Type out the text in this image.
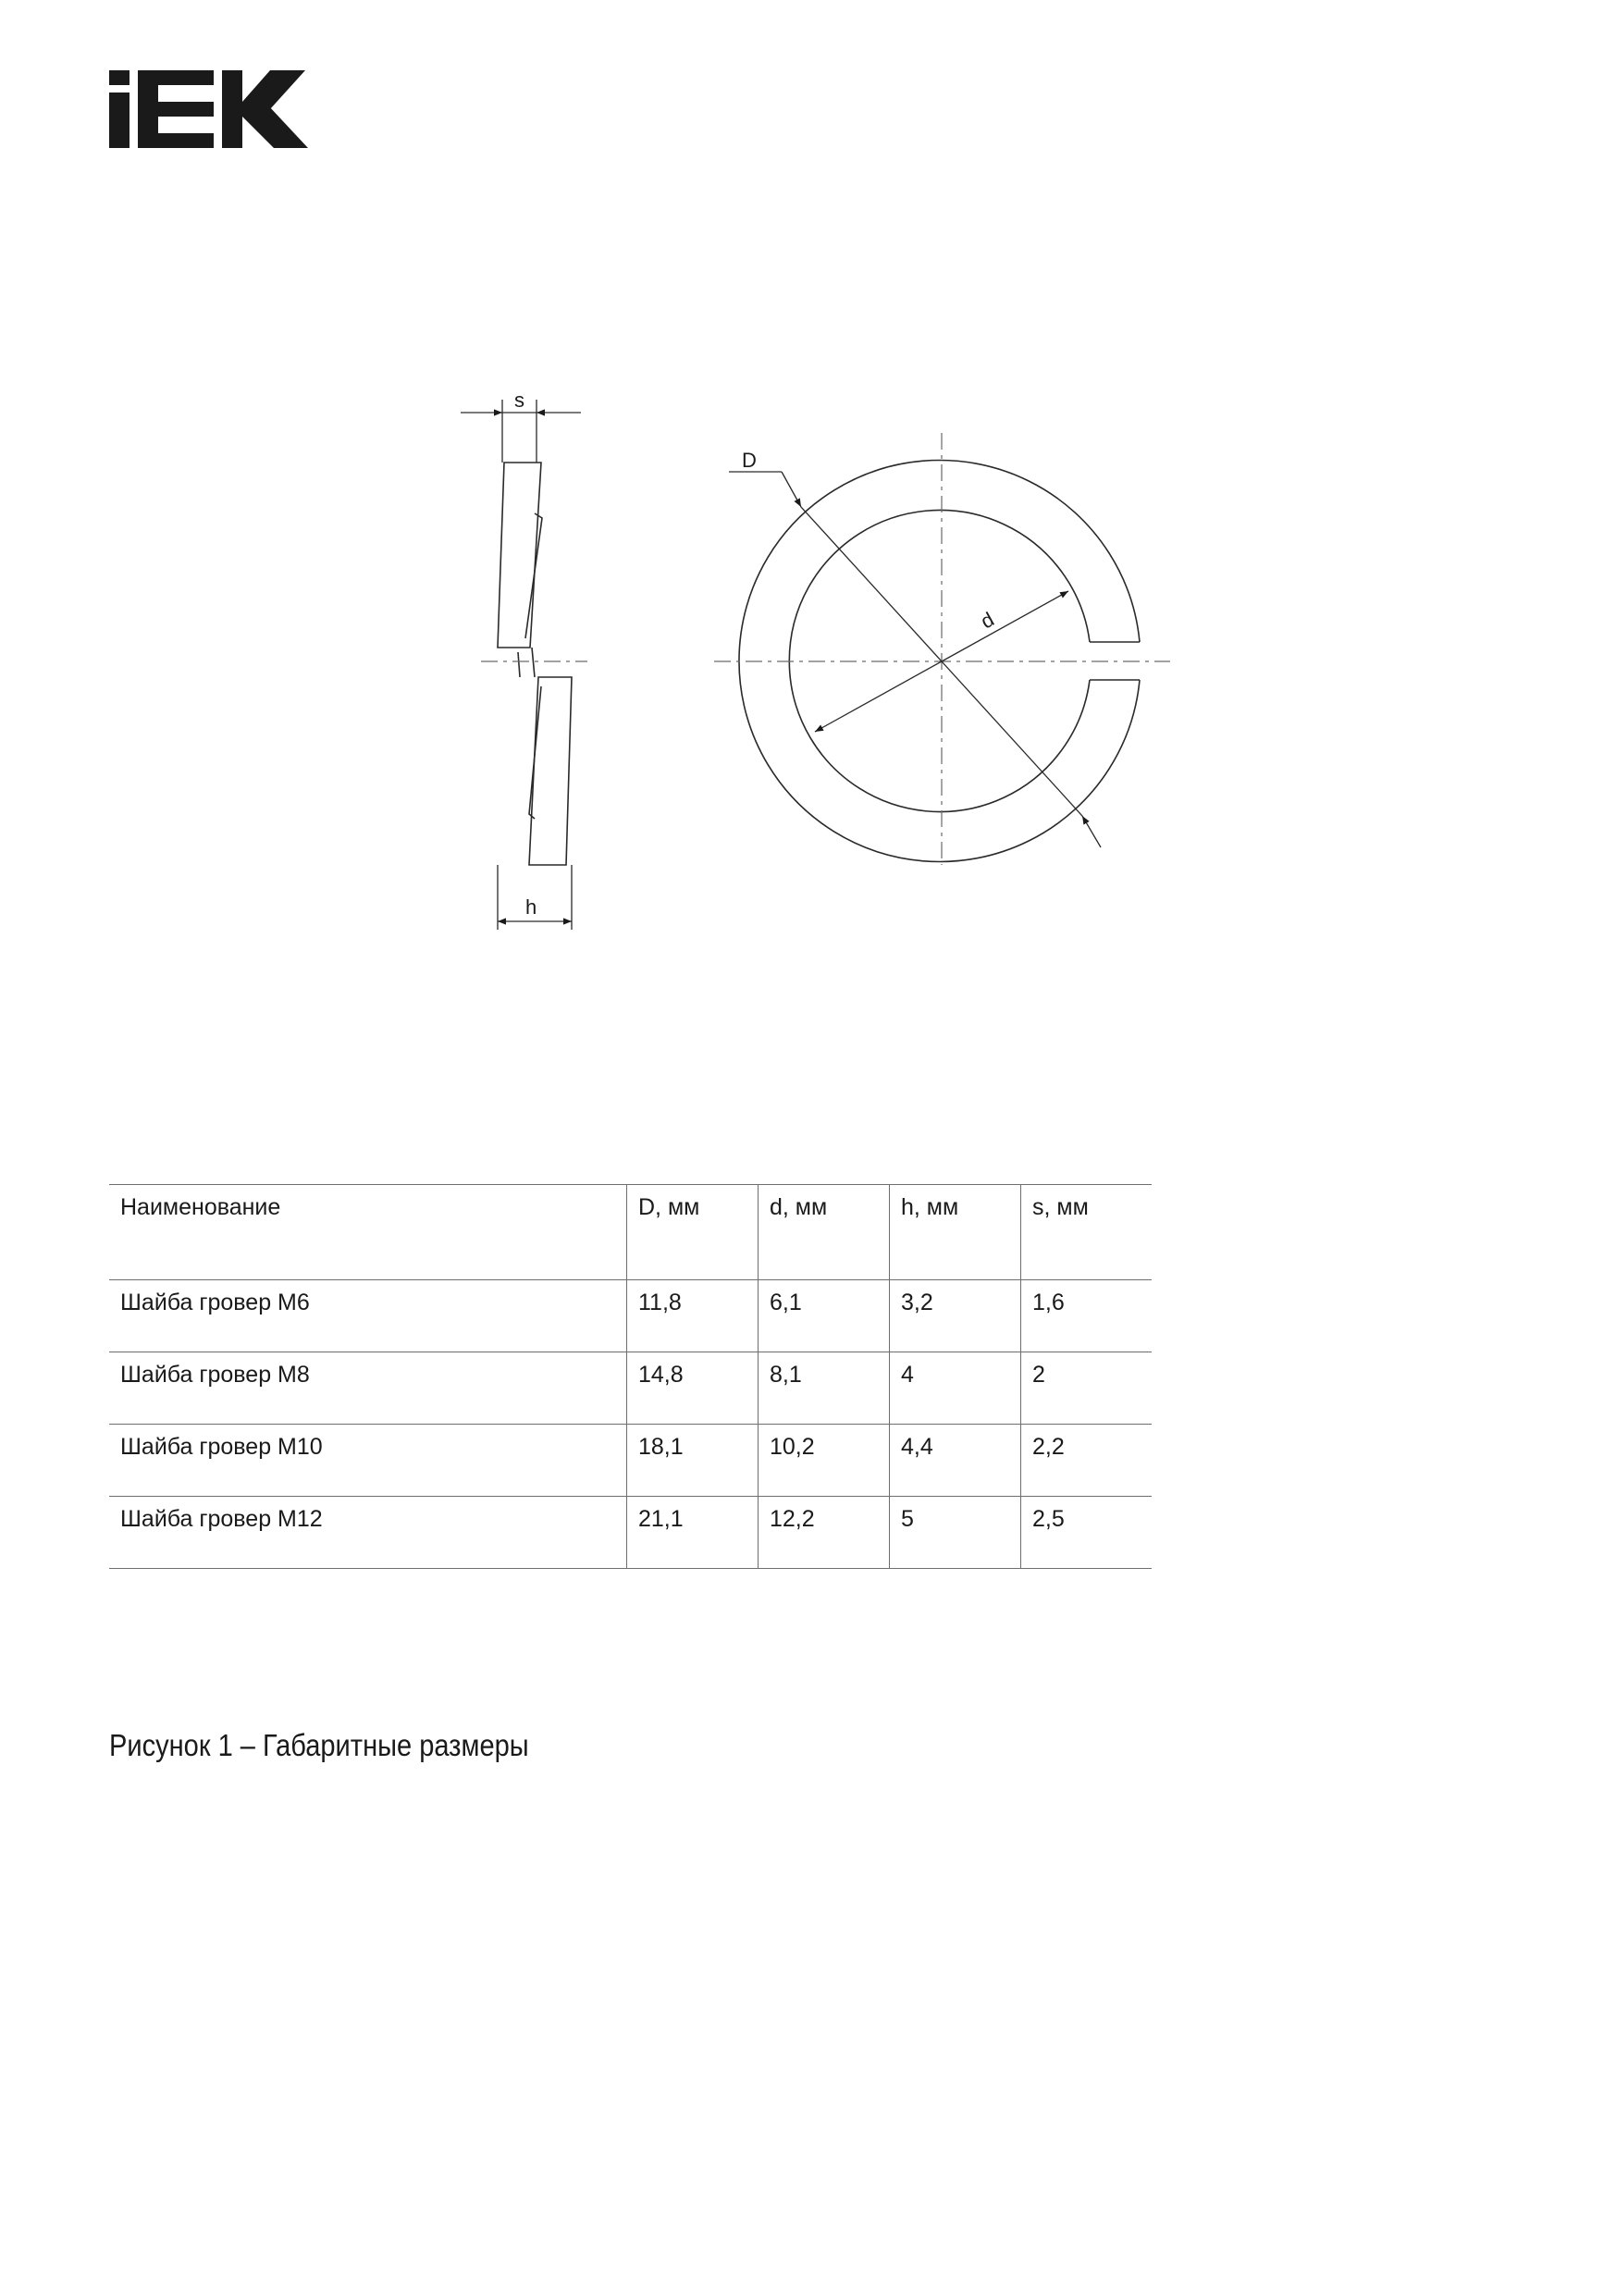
s
h
D
d
Наименование	D, мм	d, мм	h, мм	s, мм
Шайба гровер М6	11,8	6,1	3,2	1,6
Шайба гровер М8	14,8	8,1	4	2
Шайба гровер М10	18,1	10,2	4,4	2,2
Шайба гровер М12	21,1	12,2	5	2,5
Рисунок 1 – Габаритные размеры
